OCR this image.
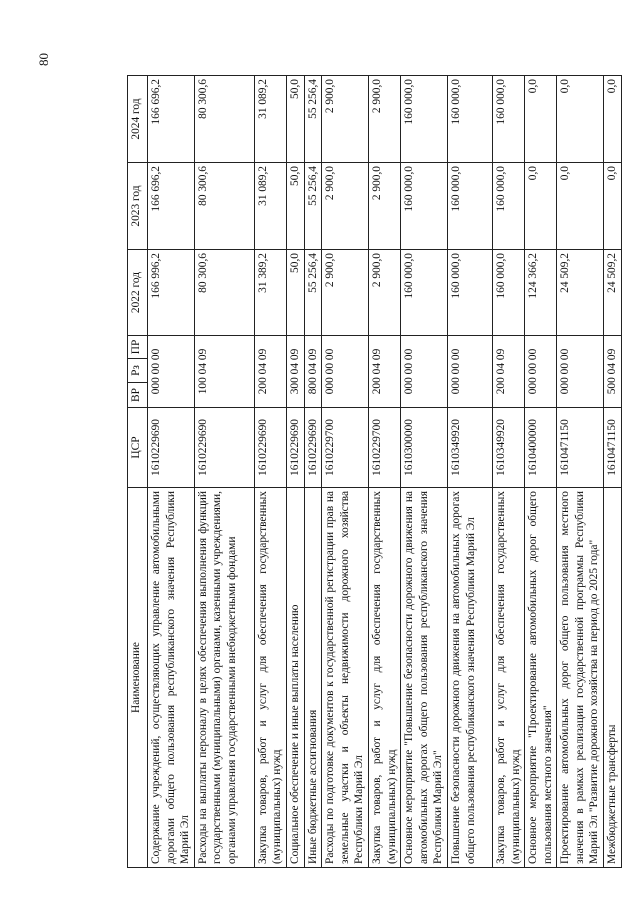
80
Наименование	ЦСР	ВР	Рз	ПР	2022 год	2023 год	2024 год
Содержание учреждений, осуществляющих управление автомобильными дорогами общего пользования республиканского значения Республики Марий Эл	1610229690	000 00 00			166 996,2	166 696,2	166 696,2
Расходы на выплаты персоналу в целях обеспечения выполнения функций государственными (муниципальными) органами, казенными учреждениями, органами управления государственными внебюджетными фондами	1610229690	100 04 09			80 300,6	80 300,6	80 300,6
Закупка товаров, работ и услуг для обеспечения государственных (муниципальных) нужд	1610229690	200 04 09			31 389,2	31 089,2	31 089,2
Социальное обеспечение и иные выплаты населению	1610229690	300 04 09			50,0	50,0	50,0
Иные бюджетные ассигнования	1610229690	800 04 09			55 256,4	55 256,4	55 256,4
Расходы по подготовке документов к государственной регистрации прав на земельные участки и объекты недвижимости дорожного хозяйства Республики Марий Эл	1610229700	000 00 00			2 900,0	2 900,0	2 900,0
Закупка товаров, работ и услуг для обеспечения государственных (муниципальных) нужд	1610229700	200 04 09			2 900,0	2 900,0	2 900,0
Основное мероприятие "Повышение безопасности дорожного движения на автомобильных дорогах общего пользования республиканского значения Республики Марий Эл"	1610300000	000 00 00			160 000,0	160 000,0	160 000,0
Повышение безопасности дорожного движения на автомобильных дорогах общего пользования республиканского значения Республики Марий Эл	1610349920	000 00 00			160 000,0	160 000,0	160 000,0
Закупка товаров, работ и услуг для обеспечения государственных (муниципальных) нужд	1610349920	200 04 09			160 000,0	160 000,0	160 000,0
Основное мероприятие "Проектирование автомобильных дорог общего пользования местного значения"	1610400000	000 00 00			124 366,2	0,0	0,0
Проектирование автомобильных дорог общего пользования местного значения в рамках реализации государственной программы Республики Марий Эл "Развитие дорожного хозяйства на период до 2025 года"	1610471150	000 00 00			24 509,2	0,0	0,0
Межбюджетные трансферты	1610471150	500 04 09			24 509,2	0,0	0,0
